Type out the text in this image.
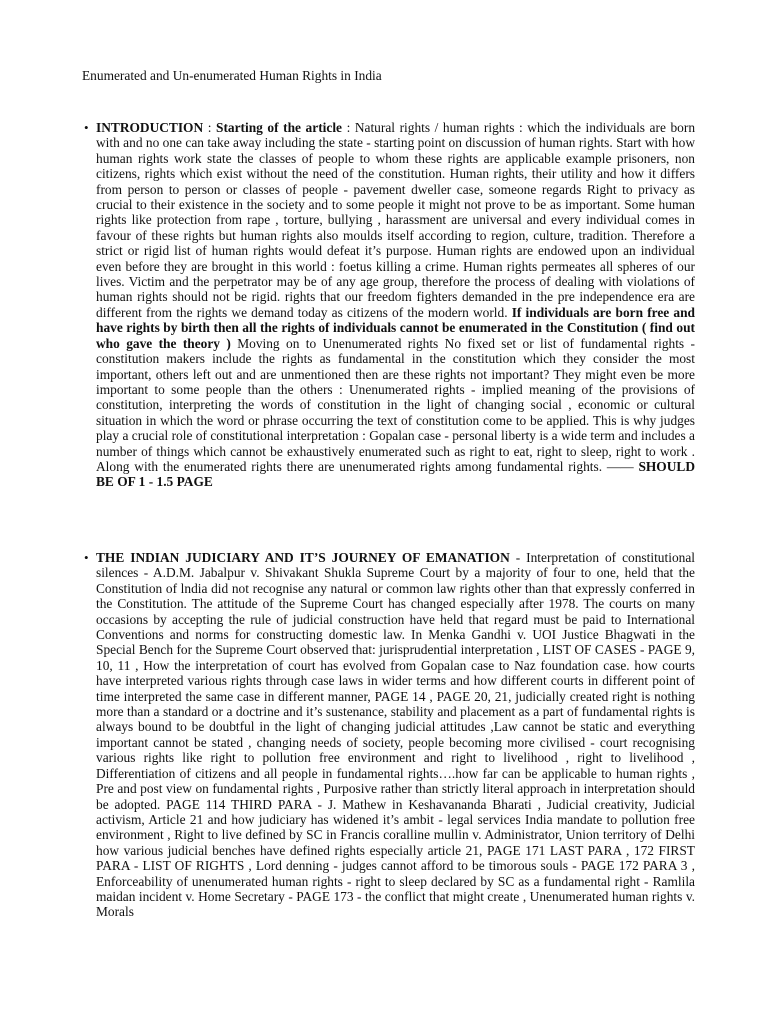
Enumerated and Un-enumerated Human Rights in India
• INTRODUCTION : Starting of the article : Natural rights / human rights : which the individuals are born with and no one can take away including the state - starting point on discussion of human rights. Start with how human rights work state the classes of people to whom these rights are applicable example prisoners, non citizens, rights which exist without the need of the constitution. Human rights, their utility and how it differs from person to person or classes of people - pavement dweller case, someone regards Right to privacy as crucial to their existence in the society and to some people it might not prove to be as important. Some human rights like protection from rape , torture, bullying , harassment are universal and every individual comes in favour of these rights but human rights also moulds itself according to region, culture, tradition. Therefore a strict or rigid list of human rights would defeat it’s purpose. Human rights are endowed upon an individual even before they are brought in this world : foetus killing a crime. Human rights permeates all spheres of our lives. Victim and the perpetrator may be of any age group, therefore the process of dealing with violations of human rights should not be rigid. rights that our freedom fighters demanded in the pre independence era are different from the rights we demand today as citizens of the modern world. If individuals are born free and have rights by birth then all the rights of individuals cannot be enumerated in the Constitution ( find out who gave the theory ) Moving on to Unenumerated rights No fixed set or list of fundamental rights - constitution makers include the rights as fundamental in the constitution which they consider the most important, others left out and are unmentioned then are these rights not important? They might even be more important to some people than the others : Unenumerated rights - implied meaning of the provisions of constitution, interpreting the words of constitution in the light of changing social , economic or cultural situation in which the word or phrase occurring the text of constitution come to be applied. This is why judges play a crucial role of constitutional interpretation : Gopalan case - personal liberty is a wide term and includes a number of things which cannot be exhaustively enumerated such as right to eat, right to sleep, right to work . Along with the enumerated rights there are unenumerated rights among fundamental rights. —— SHOULD BE OF 1 - 1.5 PAGE
• THE INDIAN JUDICIARY AND IT’S JOURNEY OF EMANATION - Interpretation of constitutional silences - A.D.M. Jabalpur v. Shivakant Shukla Supreme Court by a majority of four to one, held that the Constitution of lndia did not recognise any natural or common law rights other than that expressly conferred in the Constitution. The attitude of the Supreme Court has changed especially after 1978. The courts on many occasions by accepting the rule of judicial construction have held that regard must be paid to International Conventions and norms for constructing domestic law. In Menka Gandhi v. UOI Justice Bhagwati in the Special Bench for the Supreme Court observed that: jurisprudential interpretation , LIST OF CASES - PAGE 9, 10, 11 , How the interpretation of court has evolved from Gopalan case to Naz foundation case. how courts have interpreted various rights through case laws in wider terms and how different courts in different point of time interpreted the same case in different manner, PAGE 14 , PAGE 20, 21, judicially created right is nothing more than a standard or a doctrine and it’s sustenance, stability and placement as a part of fundamental rights is always bound to be doubtful in the light of changing judicial attitudes ,Law cannot be static and everything important cannot be stated , changing needs of society, people becoming more civilised - court recognising various rights like right to pollution free environment and right to livelihood , right to livelihood , Differentiation of citizens and all people in fundamental rights….how far can be applicable to human rights , Pre and post view on fundamental rights , Purposive rather than strictly literal approach in interpretation should be adopted. PAGE 114 THIRD PARA - J. Mathew in Keshavananda Bharati , Judicial creativity, Judicial activism, Article 21 and how judiciary has widened it’s ambit - legal services India mandate to pollution free environment , Right to live defined by SC in Francis coralline mullin v. Administrator, Union territory of Delhi how various judicial benches have defined rights especially article 21, PAGE 171 LAST PARA , 172 FIRST PARA - LIST OF RIGHTS , Lord denning - judges cannot afford to be timorous souls - PAGE 172 PARA 3 , Enforceability of unenumerated human rights - right to sleep declared by SC as a fundamental right - Ramlila maidan incident v. Home Secretary - PAGE 173 - the conflict that might create , Unenumerated human rights v. Morals
